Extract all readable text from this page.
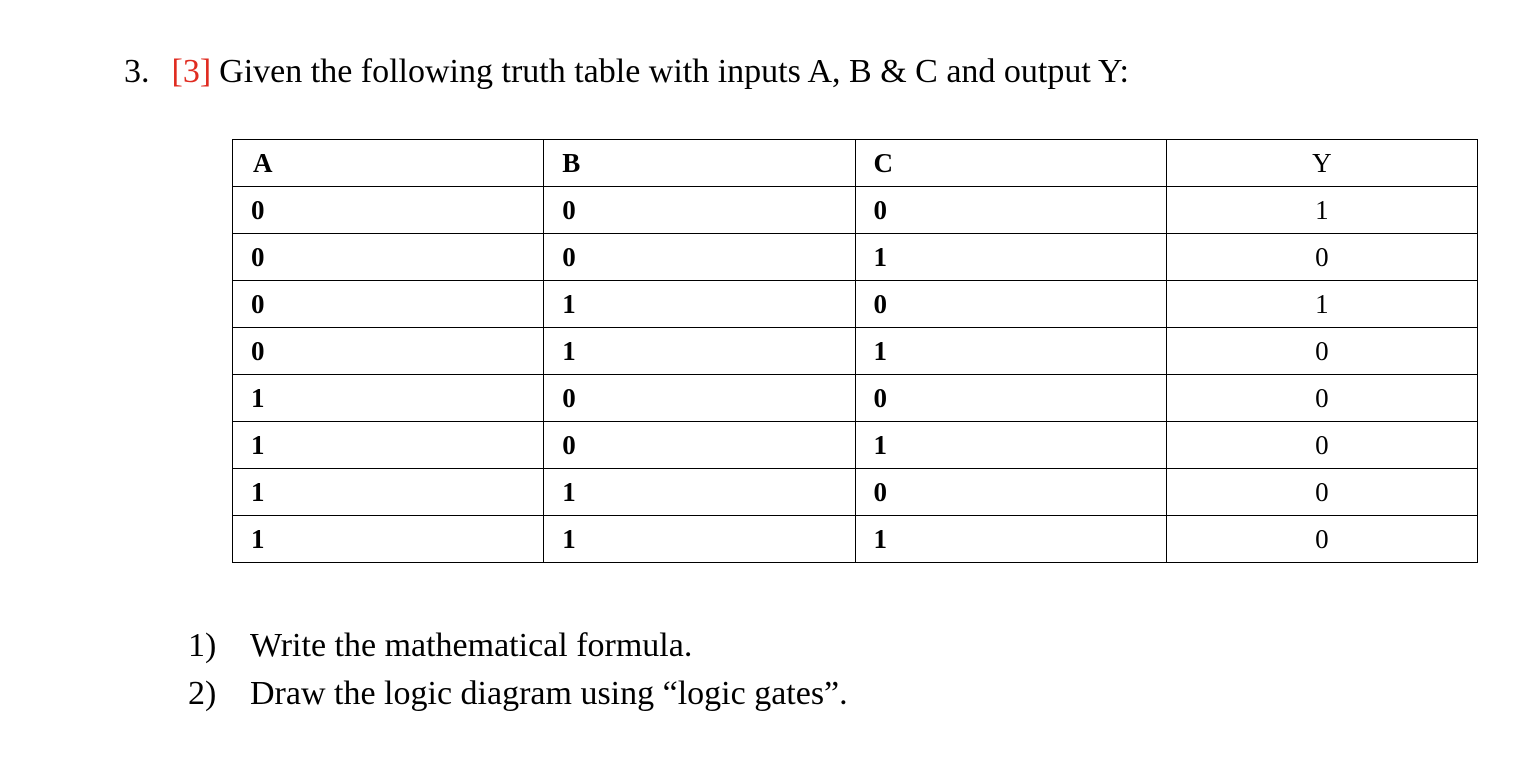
3. [3] Given the following truth table with inputs A, B & C and output Y:
A	B	C	Y
0	0	0	1
0	0	1	0
0	1	0	1
0	1	1	0
1	0	0	0
1	0	1	0
1	1	0	0
1	1	1	0
1) Write the mathematical formula.
2) Draw the logic diagram using “logic gates”.
